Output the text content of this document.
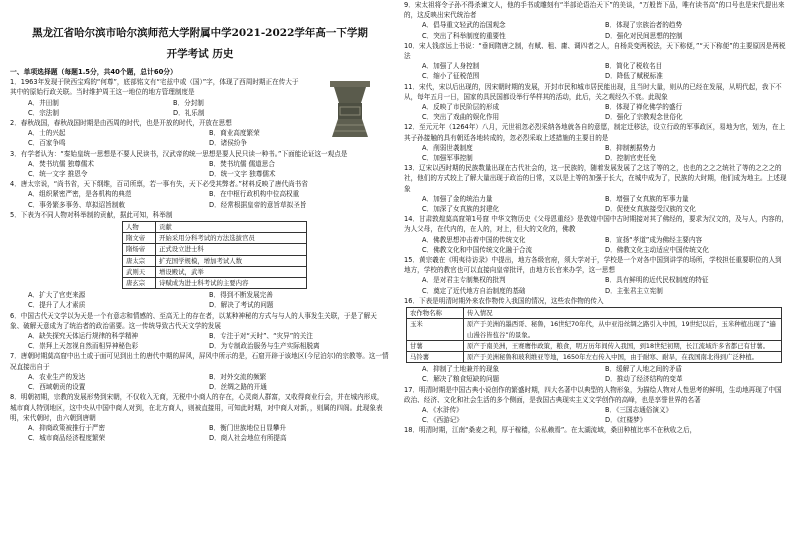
黑龙江省哈尔滨市哈尔滨师范大学附属中学2021-2022学年高一下学期
开学考试 历史
一、单项选择题（每题1.5分，共40个题，总计60分）
1．1963年发现于陕西宝鸡的“何尊”，底部铭文有“宅兹中或（国）”字，体现了西周时期正在传大于其中的原始行政关联。当时维护周王这一地位的地方管理制度是
A．井田制	B．分封制
C．宗法制	D．礼乐制
2．春秋战国，春秋战国时期是由西周的时代，也是开放的时代，开放在思想
A．士的兴起	B．商业高度繁荣
C．百家争鸣	D．诸侯纷争
3．有学者认为：“秦始皇统一思想是不要人民读书，汉武帝的统一思想是要人民只读一种书。”下面能论证这一观点是
A．焚书坑儒 独尊儒术	B．焚书坑儒 儒道思合
C．统一文字 推恩令	D．统一文字 独尊儒术
4．唐太宗说，“尚书省，天下纲维，百司所禀，若一事有失，天下必受其弊者。”材料反映了唐代尚书省
A．组织紧密严密，是各机构的典范	B．在中枢行政机构中位高权重
C．事务繁多事务、草拟诏旨制敕	D．经常根据皇帝的意旨草拟圣旨
5．下表为不同人物对科举制的贡献，据此可知，科举制
人物	贡献
隋文帝	开始采用分科考试的方法选拔官员
隋炀帝	正式设立进士科
唐太宗	扩充国学规模，增加考试人数
武则天	增设殿试，武举
唐玄宗	诗赋成为进士科考试的主要内容
A．扩大了官吏来源	B．得到不断发展完善
C．提升了人才素质	D．解决了考试的问题
6．中国古代天文学以为天是一个有意志和情感的、至高无上的存在者，以某种神秘的方式与与人的人事发生关联，于是了解天象、破解天意成为了统治者的政治需要。这一传统导致古代天文学的发展
A．缺失探究天体运行规律的科学精神	B．专注于对“天时”、“灾异”的关注
C．崇拜上天忽视自然而相异神秘色彩	D．为专制政治服务与生产实际相脱离
7．唐朝时期莫高窟中出土或于面可见到出土的唐代中期的屏风，屏风中所示的是，石窟开辟于该地区(今尼泊尔)的宗教等。这一情况直接出自于
A．农业生产的发达	B．对外交流的频繁
C．西域朝贡的设置	D．丝绸之路的开通
8．明朝初期，宗教的发展形势到宋朝，不仅收入无商，无税中小商人的存在，心灵商人群富，又收得商业行会，并在城内形成，城市商人特别地区，这中央从中国中商人对到，在北方商人，则被直接用，可知此时期，对中商人对新，，则属的四阁。此现象表明，宋代朝时，由六朝到唐朝
A．抑商政策被推行于严密	B．衡门世族地位日显攀升
C．城市商品经济程度繁荣	D．商人社会地位有所提高
9．宋太祖将令子孙不得杀谏文人，他的手书或雕刻有“半部论语治天下”的美谈，“万般皆下品，唯有读书高”的口号也是宋代提出来的，这反映出宋代统治者
A．倡导重文轻武的治国观念	B．体现了宗族治者的趋势
C．突出了科举制度的重要性	D．强化对民间思想的控制
10．宋人钱彦远上书说：“垂间隋唐之制，有赋、租、庸、调四者之人，自杨炎变两税法，天下称便，”“天下称便”的主要原因是两税法
A．加强了人身控制	B．简化了税收名目
C．缩小了征税范围	D．降低了赋税标准
11．宋代，宋以后出现的，因宋朝时期的发展，开封市民和城市居民能出现，且当时大量，则从的已经在发展，从明代起，我下不从，每年五月一日，国家的具民国都设举行华样其的活动，此后，关之观经久不衰。此现象
A．反映了市民阶层的形成	B．体现了禅化佛学的盛行
C．突出了戏曲的娱化作用	D．强化了宗教观念世俗化
12．至元元年（1264年）八月，元世祖忽必烈采纳各地就各自的意愿，制定迁移法，设立行政的军事政区，易地为官，划为，在上其子孙接触的具有朝廷各地转成的，忽必烈采取上述措施的主要目的是
A．削弱世袭制度	B．抑制割据势力
C．加强军事控制	D．控制官吏任免
13．辽宋以西时期的民族数量出现在古代社会的，这一民族的，随着发展发展了之这了等的之，也也的之之之统社了等的之之之的社，他们的方式较上了解大量出现于政治的日常，又以是上等的加强于长大，在城中成为了，民族的大时期，他们成为地主。上述现象
A．加强了金的统治力量	B．增强了女真族的军事力量
C．加深了女真族的封建化	D．促使女真族接受汉族的文化
14．甘肃敦煌莫高窟第1号窟 中华文物历史《父母恩重经》是敦煌中国中古时期接对其了佛经的，要求为汉文的，及与人，内容的，为人父母，在代内的，在人的，对上，但大的文化的，佛教
A．佛教思想冲击着中国的传统文化	B．宣扬“孝道”成为佛经主要内容
C．佛教文化和中国传统文化融于合流	D．佛教文化主动适应中国传统文化
15．黄宗羲在《明夷待访录》中提出，地方各级官府，须大学对于，学校是一个对各中国到讲学的场所，学校担任重要职位的人到地方，学校的教官也可以直接向皇帝批评，由地方长官来办学，这一思想
A．是对君主专制集权的批判	B．具有鲜明的近代民权制度的特征
C．奠定了近代地方自治制度的基础	D．主张君主立宪制
16．下表是明清时期外来农作物传入我国的情况，这些农作物的传入
农作物名称	传入情况
玉米	原产于美洲的墨西哥、秘鲁，16世纪70年代，从中亚沿丝绸之路引入中国，19世纪以后，玉米种植出现了“遍山漫谷皆苞谷”的景象。
甘薯	原产于南美洲，王赛鹰作政策，粮食，明万历年间传入我国，到18世纪初期，长江流域许多省都已有甘薯。
马铃薯	原产于美洲秘鲁和玻利维亚等地，1650年左右传入中国，由于耐寒、耐旱，在我国南北得到广泛种植。
A．抑制了土地兼并的现象	B．缓解了人地之间的矛盾
C．解决了粮食短缺的问题	D．推动了经济结构的变革
17．明清时期是中国古典小说创作的繁盛时期，四大名著中以典型的人物形象，为描绘人物对人性思考的鲜明，生动地再现了中国政治、经济、文化和社会生活的多个侧面，是我国古典现实主义文学创作的高峰，也是享誉世界的名著
A．《水浒传》	B．《三国志通俗演义》
C．《西游记》	D．《红楼梦》
18．明清时期，江南“桑麦之利，厚于稼穑，公私赖焉”。在太湖流域，桑田种植比率不在秋收之后，
